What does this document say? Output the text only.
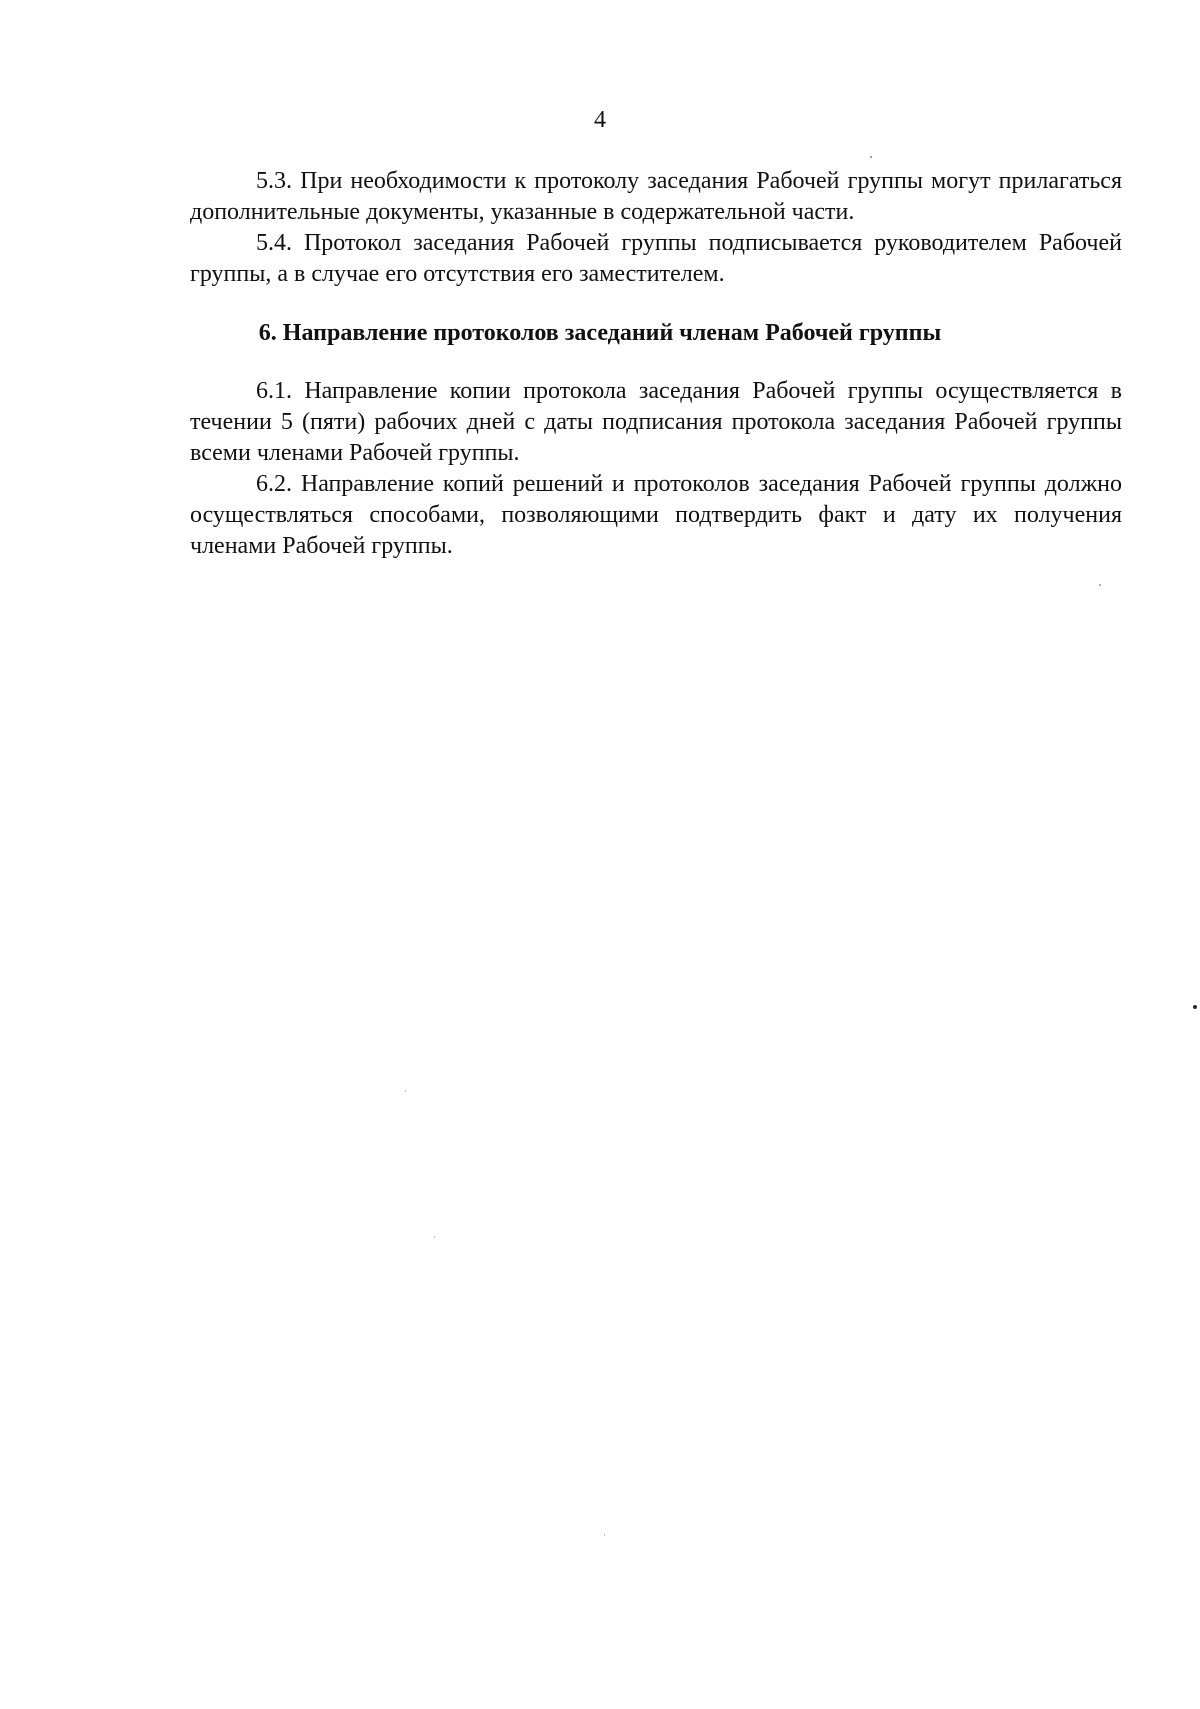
4

5.3. При необходимости к протоколу заседания Рабочей группы могут прилагаться дополнительные документы, указанные в содержательной части.

5.4. Протокол заседания Рабочей группы подписывается руководителем Рабочей группы, а в случае его отсутствия его заместителем.

6. Направление протоколов заседаний членам Рабочей группы

6.1. Направление копии протокола заседания Рабочей группы осуществляется в течении 5 (пяти) рабочих дней с даты подписания протокола заседания Рабочей группы всеми членами Рабочей группы.

6.2. Направление копий решений и протоколов заседания Рабочей группы должно осуществляться способами, позволяющими подтвердить факт и дату их получения членами Рабочей группы.
